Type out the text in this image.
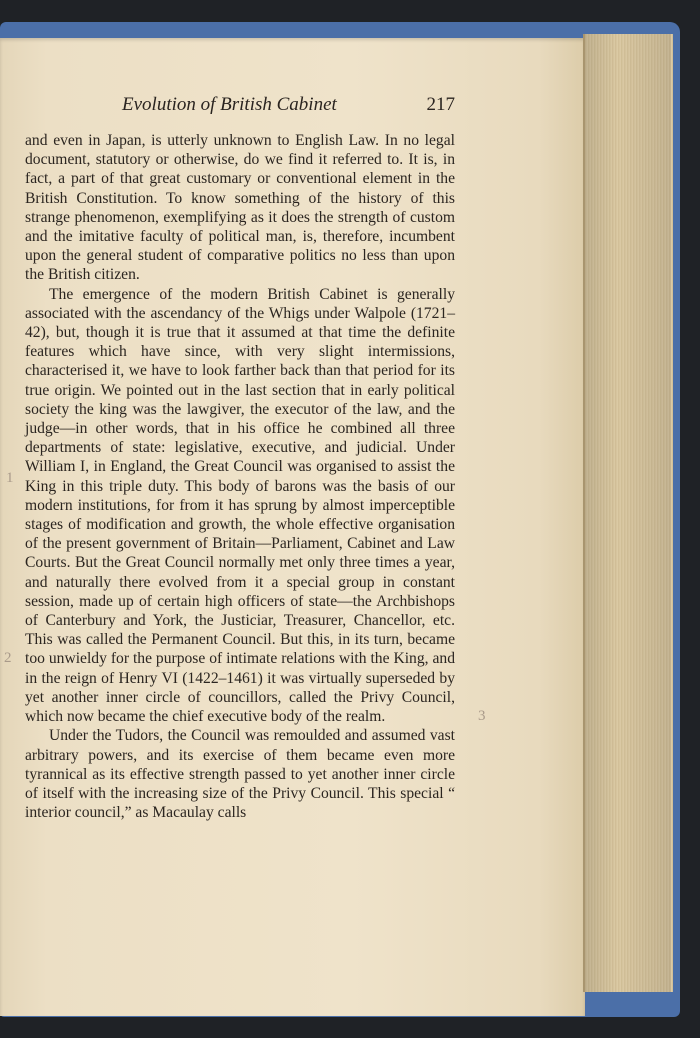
Evolution of British Cabinet	217

and even in Japan, is utterly unknown to English Law. In no legal document, statutory or otherwise, do we find it referred to. It is, in fact, a part of that great customary or conventional element in the British Constitution. To know something of the history of this strange phenomenon, exemplifying as it does the strength of custom and the imitative faculty of political man, is, therefore, incumbent upon the general student of comparative politics no less than upon the British citizen.

The emergence of the modern British Cabinet is generally associated with the ascendancy of the Whigs under Walpole (1721–42), but, though it is true that it assumed at that time the definite features which have since, with very slight intermissions, characterised it, we have to look farther back than that period for its true origin. We pointed out in the last section that in early political society the king was the lawgiver, the executor of the law, and the judge—in other words, that in his office he combined all three departments of state: legislative, executive, and judicial. Under William I, in England, the Great Council was organised to assist the King in this triple duty. This body of barons was the basis of our modern institutions, for from it has sprung by almost imperceptible stages of modification and growth, the whole effective organisation of the present government of Britain—Parliament, Cabinet and Law Courts. But the Great Council normally met only three times a year, and naturally there evolved from it a special group in constant session, made up of certain high officers of state—the Archbishops of Canterbury and York, the Justiciar, Treasurer, Chancellor, etc. This was called the Permanent Council. But this, in its turn, became too unwieldy for the purpose of intimate relations with the King, and in the reign of Henry VI (1422–1461) it was virtually superseded by yet another inner circle of councillors, called the Privy Council, which now became the chief executive body of the realm.

Under the Tudors, the Council was remoulded and assumed vast arbitrary powers, and its exercise of them became even more tyrannical as its effective strength passed to yet another inner circle of itself with the increasing size of the Privy Council. This special “ interior council,” as Macaulay calls

1
2
3
